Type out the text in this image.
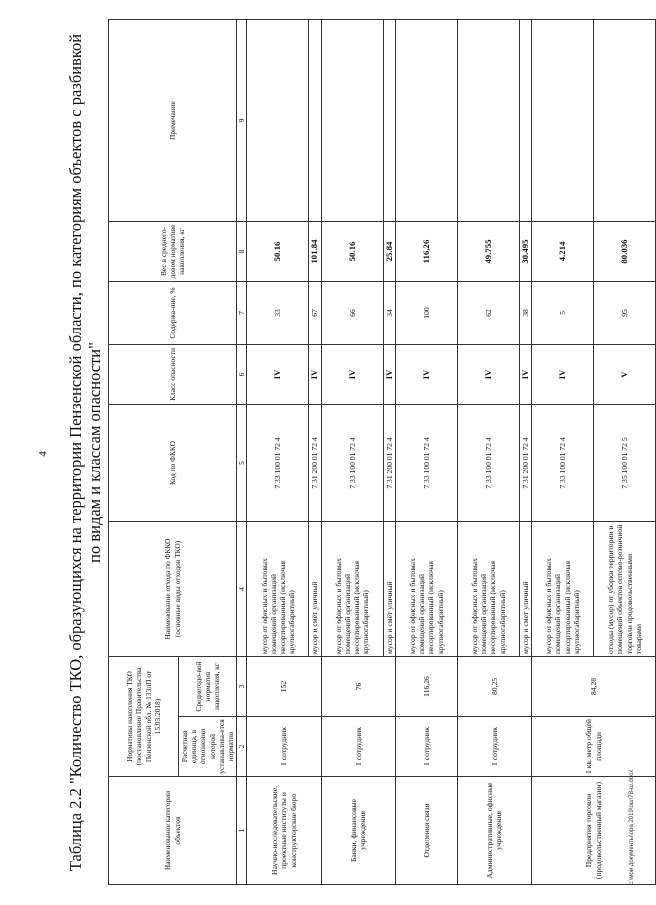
4 Таблица 2.2 "Количество ТКО, образующихся на территории Пензенской области, по категориям объектов с разбивкой по видам и классам опасности"
Наименование категории объектов	Нормативы накопления ТКО (постановление Правительства Пензенской обл. № 133пП от 15.03.2018)		Наименование отхода по ФККО (основные виды отходов ТКО)	Код по ФККО	Класс опасности	Содержа-ние, %	Вес в среднего-довом нормативе накопления, кг	Примечание
	Расчетная единица, в отношении которой устанавлива-ется норматив	Среднегодо-вой норматив накопления, кг						
1	2	3	4	5	6	7	8	9
Научно-исследовательские, проектные институты и конструкторские бюро	1 сотрудник	152	мусор от офисных и бытовых помещений организаций несортированный (исключая крупногабаритный)	7 33 100 01 72 4	IV	33	50.16	
			мусор и смёт уличный	7 31 200 01 72 4	IV	67	101.84	
Банки, финансовые учреждения	1 сотрудник	76	мусор от офисных и бытовых помещений организаций несортированный (исключая крупногабаритный)	7 33 100 01 72 4	IV	66	50.16	
			мусор и смёт уличный	7 31 200 01 72 4	IV	34	25.84	
Отделения связи	1 сотрудник	116,26	мусор от офисных и бытовых помещений организаций несортированный (исключая крупногабаритный)	7 33 100 01 72 4	IV	100	116,26	
Административные, офисные учреждения	1 сотрудник	80,25	мусор от офисных и бытовых помещений организаций несортированный (исключая крупногабаритный)	7 33 100 01 72 4	IV	62	49.755	
			мусор и смет уличный	7 31 200 01 72 4	IV	38	30.495	
Предприятия торговли (продовольственный магазин)	1 кв. метр общей площади	84,28	мусор от офисных и бытовых помещений организаций несортированный (исключая крупногабаритный)	7 33 100 01 72 4	IV	5	4.214	
			отходы (мусор) от уборки территории и помещений объектов оптово-розничной торговли продовольственными товарами	7 35 100 01 72 5	V	95	80.036	
с:\мои документы\ора 2019\ош\78-ш.docx
